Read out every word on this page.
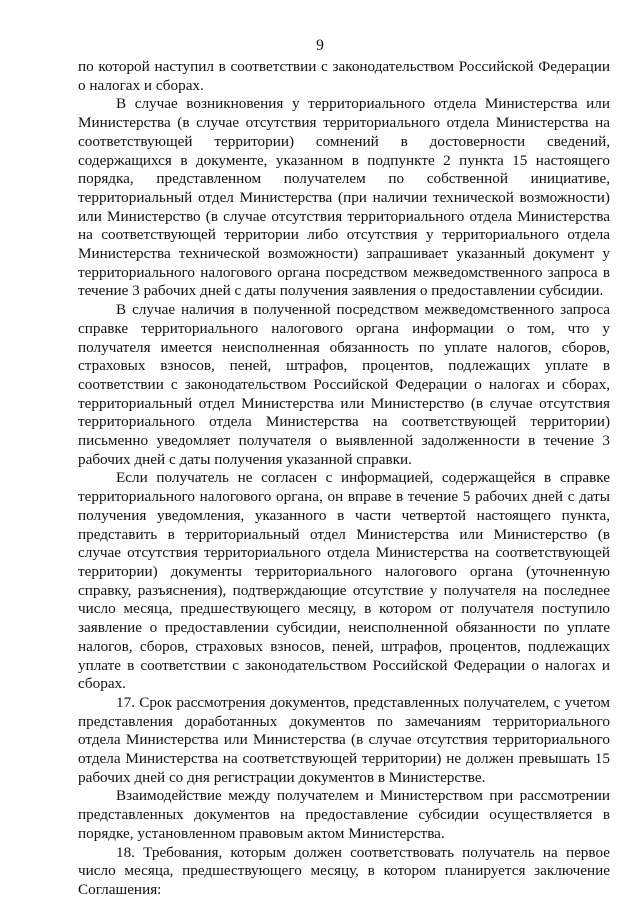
9

по которой наступил в соответствии с законодательством Российской Федерации о налогах и сборах.

В случае возникновения у территориального отдела Министерства или Министерства (в случае отсутствия территориального отдела Министерства на соответствующей территории) сомнений в достоверности сведений, содержащихся в документе, указанном в подпункте 2 пункта 15 настоящего порядка, представленном получателем по собственной инициативе, территориальный отдел Министерства (при наличии технической возможности) или Министерство (в случае отсутствия территориального отдела Министерства на соответствующей территории либо отсутствия у территориального отдела Министерства технической возможности) запрашивает указанный документ у территориального налогового органа посредством межведомственного запроса в течение 3 рабочих дней с даты получения заявления о предоставлении субсидии.

В случае наличия в полученной посредством межведомственного запроса справке территориального налогового органа информации о том, что у получателя имеется неисполненная обязанность по уплате налогов, сборов, страховых взносов, пеней, штрафов, процентов, подлежащих уплате в соответствии с законодательством Российской Федерации о налогах и сборах, территориальный отдел Министерства или Министерство (в случае отсутствия территориального отдела Министерства на соответствующей территории) письменно уведомляет получателя о выявленной задолженности в течение 3 рабочих дней с даты получения указанной справки.

Если получатель не согласен с информацией, содержащейся в справке территориального налогового органа, он вправе в течение 5 рабочих дней с даты получения уведомления, указанного в части четвертой настоящего пункта, представить в территориальный отдел Министерства или Министерство (в случае отсутствия территориального отдела Министерства на соответствующей территории) документы территориального налогового органа (уточненную справку, разъяснения), подтверждающие отсутствие у получателя на последнее число месяца, предшествующего месяцу, в котором от получателя поступило заявление о предоставлении субсидии, неисполненной обязанности по уплате налогов, сборов, страховых взносов, пеней, штрафов, процентов, подлежащих уплате в соответствии с законодательством Российской Федерации о налогах и сборах.

17. Срок рассмотрения документов, представленных получателем, с учетом представления доработанных документов по замечаниям территориального отдела Министерства или Министерства (в случае отсутствия территориального отдела Министерства на соответствующей территории) не должен превышать 15 рабочих дней со дня регистрации документов в Министерстве.

Взаимодействие между получателем и Министерством при рассмотрении представленных документов на предоставление субсидии осуществляется в порядке, установленном правовым актом Министерства.

18. Требования, которым должен соответствовать получатель на первое число месяца, предшествующего месяцу, в котором планируется заключение Соглашения:
